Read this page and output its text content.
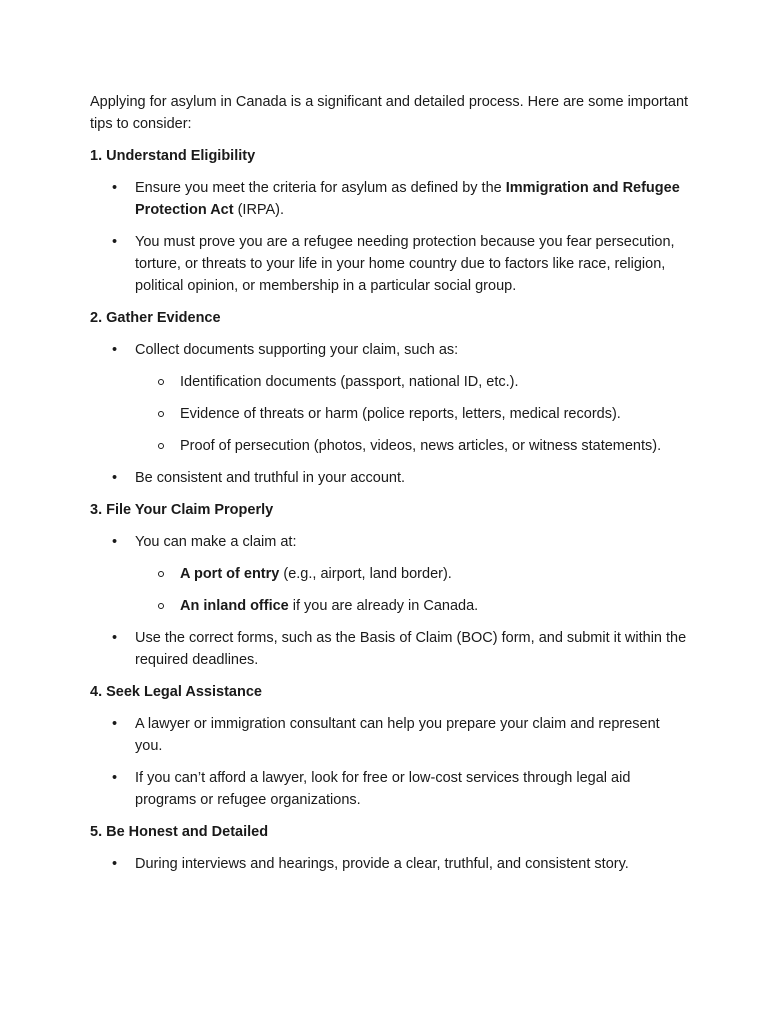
Applying for asylum in Canada is a significant and detailed process. Here are some important tips to consider:

1. Understand Eligibility

• Ensure you meet the criteria for asylum as defined by the Immigration and Refugee Protection Act (IRPA).
• You must prove you are a refugee needing protection because you fear persecution, torture, or threats to your life in your home country due to factors like race, religion, political opinion, or membership in a particular social group.

2. Gather Evidence

• Collect documents supporting your claim, such as:
Identification documents (passport, national ID, etc.).
Evidence of threats or harm (police reports, letters, medical records).
Proof of persecution (photos, videos, news articles, or witness statements).
• Be consistent and truthful in your account.

3. File Your Claim Properly

• You can make a claim at:
A port of entry (e.g., airport, land border).
An inland office if you are already in Canada.
• Use the correct forms, such as the Basis of Claim (BOC) form, and submit it within the required deadlines.

4. Seek Legal Assistance

• A lawyer or immigration consultant can help you prepare your claim and represent you.
• If you can’t afford a lawyer, look for free or low-cost services through legal aid programs or refugee organizations.

5. Be Honest and Detailed

• During interviews and hearings, provide a clear, truthful, and consistent story.
